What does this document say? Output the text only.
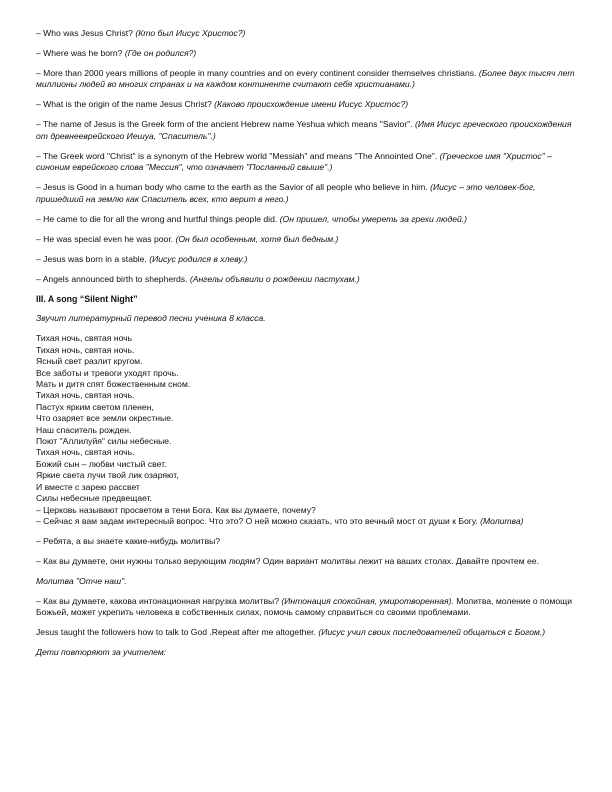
– Who was Jesus Christ? (Кто был Иисус Христос?)

– Where was he born? (Где он родился?)

– More than 2000 years millions of people in many countries and on every continent consider themselves christians. (Более двух тысяч лет миллионы людей во многих странах и на каждом континенте считают себя христианами.)

– What is the origin of the name Jesus Christ? (Каково происхождение имени Иисус Христос?)

– The name of Jesus is the Greek form of the ancient Hebrew name Yeshua which means "Savior". (Имя Иисус греческого происхождения от древнееврейского Иешуа, "Спаситель".)

– The Greek word "Christ" is a synonym of the Hebrew world "Messiah" and means "The Annointed One". (Греческое имя "Христос" – синоним еврейского слова "Мессия", что означает "Посланный свыше".)

– Jesus is Good in a human body who came to the earth as the Savior of all people who believe in him. (Иисус – это человек-бог, пришедший на землю как Спаситель всех, кто верит в него.)

– He came to die for all the wrong and hurtful things people did. (Он пришел, чтобы умереть за грехи людей.)

– He was special even he was poor. (Он был особенным, хотя был бедным.)

– Jesus was born in a stable. (Иисус родился в хлеву.)

– Angels announced birth to shepherds. (Ангелы объявили о рождении пастухам.)

III. A song “Silent Night”

Звучит литературный перевод песни ученика 8 класса.

Тихая ночь, святая ночь
Тихая ночь, святая ночь.
Ясный свет разлит кругом.
Все заботы и тревоги уходят прочь.
Мать и дитя спят божественным сном.
Тихая ночь, святая ночь.
Пастух ярким светом пленен,
Что озаряет все земли окрестные.
Наш спаситель рожден.
Поют "Аллилуйя" силы небесные.
Тихая ночь, святая ночь.
Божий сын – любви чистый свет.
Яркие света лучи твой лик озаряют,
И вместе с зарею рассвет
Силы небесные предвещает.
– Церковь называют просветом в тени Бога. Как вы думаете, почему?

– Сейчас я вам задам интересный вопрос. Что это? О ней можно сказать, что это вечный мост от души к Богу. (Молитва)

– Ребята, а вы знаете какие-нибудь молитвы?

– Как вы думаете, они нужны только верующим людям? Один вариант молитвы лежит на ваших столах. Давайте прочтем ее.

Молитва "Отче наш".

– Как вы думаете, какова интонационная нагрузка молитвы? (Интонация спокойная, умиротворенная). Молитва, моление о помощи Божьей, может укрепить человека в собственных силах, помочь самому справиться со своими проблемами.

Jesus taught the followers how to talk to God .Repeat after me altogether. (Иисус учил своих последователей общаться с Богом.)

Дети повторяют за учителем:
